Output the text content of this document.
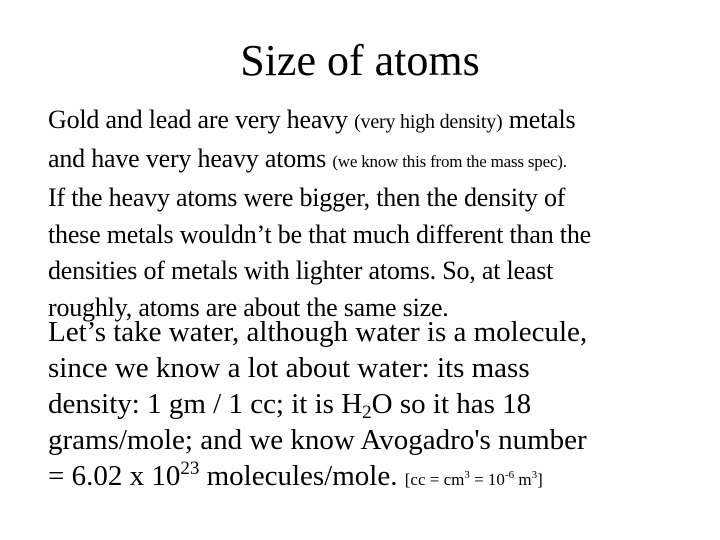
Size of atoms
Gold and lead are very heavy (very high density) metals
and have very heavy atoms (we know this from the mass spec).
If the heavy atoms were bigger, then the density of
these metals wouldn’t be that much different than the
densities of metals with lighter atoms. So, at least
roughly, atoms are about the same size.
Let’s take water, although water is a molecule,
since we know a lot about water: its mass
density: 1 gm / 1 cc; it is $H_2O$ so it has 18
grams/mole; and we know Avogadro's number
= 6.02 x $10^{23}$ molecules/mole. [$cc = cm^3 = 10^{-6}$ $m^3$]
